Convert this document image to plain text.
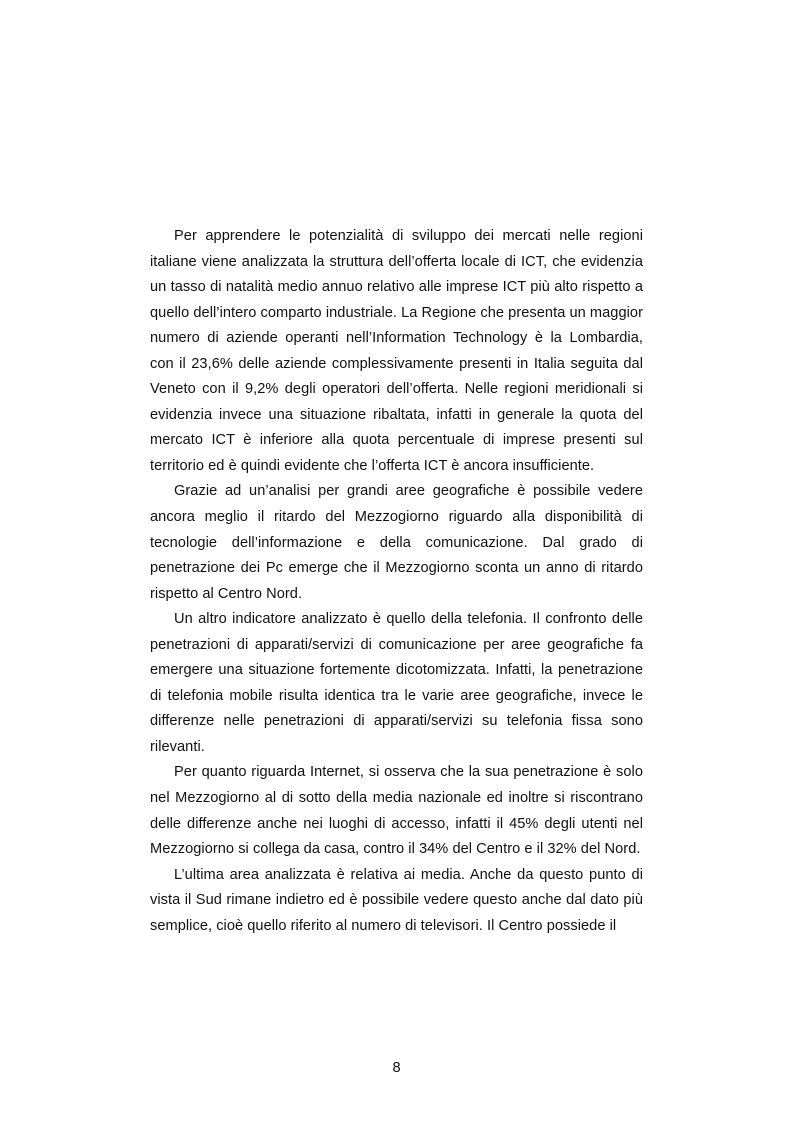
Per apprendere le potenzialità di sviluppo dei mercati nelle regioni italiane viene analizzata la struttura dell’offerta locale di ICT, che evidenzia un tasso di natalità medio annuo relativo alle imprese ICT più alto rispetto a quello dell’intero comparto industriale. La Regione che presenta un maggior numero di aziende operanti nell’Information Technology è la Lombardia, con il 23,6% delle aziende complessivamente presenti in Italia seguita dal Veneto con il 9,2% degli operatori dell’offerta. Nelle regioni meridionali si evidenzia invece una situazione ribaltata, infatti in generale la quota del mercato ICT è inferiore alla quota percentuale di imprese presenti sul territorio ed è quindi evidente che l’offerta ICT è ancora insufficiente.

Grazie ad un’analisi per grandi aree geografiche è possibile vedere ancora meglio il ritardo del Mezzogiorno riguardo alla disponibilità di tecnologie dell’informazione e della comunicazione. Dal grado di penetrazione dei Pc emerge che il Mezzogiorno sconta un anno di ritardo rispetto al Centro Nord.

Un altro indicatore analizzato è quello della telefonia. Il confronto delle penetrazioni di apparati/servizi di comunicazione per aree geografiche fa emergere una situazione fortemente dicotomizzata. Infatti, la penetrazione di telefonia mobile risulta identica tra le varie aree geografiche, invece le differenze nelle penetrazioni di apparati/servizi su telefonia fissa sono rilevanti.

Per quanto riguarda Internet, si osserva che la sua penetrazione è solo nel Mezzogiorno al di sotto della media nazionale ed inoltre si riscontrano delle differenze anche nei luoghi di accesso, infatti il 45% degli utenti nel Mezzogiorno si collega da casa, contro il 34% del Centro e il 32% del Nord.

L’ultima area analizzata è relativa ai media. Anche da questo punto di vista il Sud rimane indietro ed è possibile vedere questo anche dal dato più semplice, cioè quello riferito al numero di televisori. Il Centro possiede il

8
